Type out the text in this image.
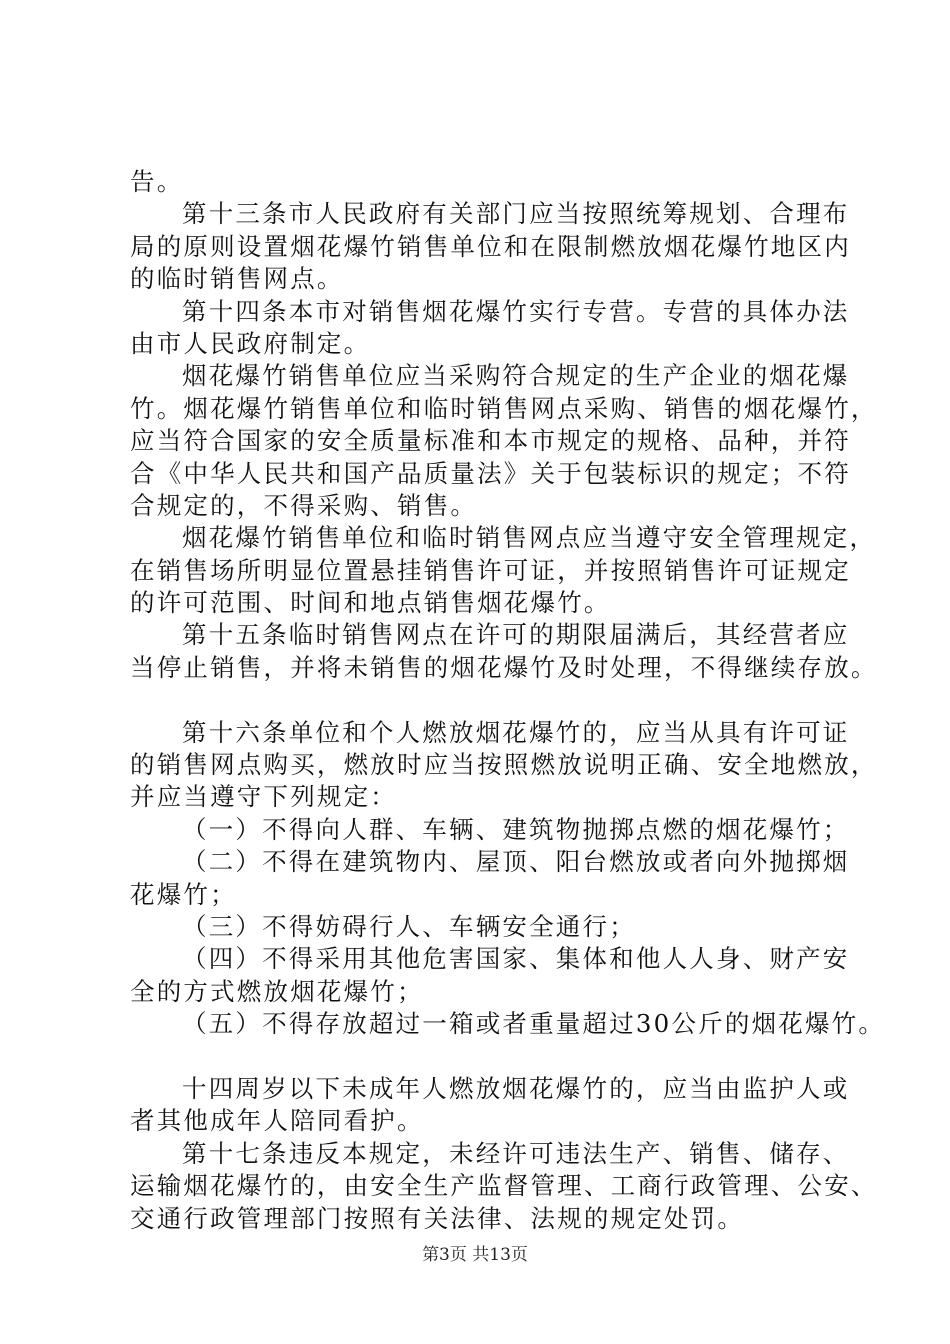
告。
第十三条市人民政府有关部门应当按照统筹规划、合理布
局的原则设置烟花爆竹销售单位和在限制燃放烟花爆竹地区内
的临时销售网点。
第十四条本市对销售烟花爆竹实行专营。专营的具体办法
由市人民政府制定。
烟花爆竹销售单位应当采购符合规定的生产企业的烟花爆
竹。烟花爆竹销售单位和临时销售网点采购、销售的烟花爆竹，
应当符合国家的安全质量标准和本市规定的规格、品种，并符
合《中华人民共和国产品质量法》关于包装标识的规定；不符
合规定的，不得采购、销售。
烟花爆竹销售单位和临时销售网点应当遵守安全管理规定，
在销售场所明显位置悬挂销售许可证，并按照销售许可证规定
的许可范围、时间和地点销售烟花爆竹。
第十五条临时销售网点在许可的期限届满后，其经营者应
当停止销售，并将未销售的烟花爆竹及时处理，不得继续存放。
第十六条单位和个人燃放烟花爆竹的，应当从具有许可证
的销售网点购买，燃放时应当按照燃放说明正确、安全地燃放，
并应当遵守下列规定：
（一）不得向人群、车辆、建筑物抛掷点燃的烟花爆竹；
（二）不得在建筑物内、屋顶、阳台燃放或者向外抛掷烟
花爆竹；
（三）不得妨碍行人、车辆安全通行；
（四）不得采用其他危害国家、集体和他人人身、财产安
全的方式燃放烟花爆竹；
（五）不得存放超过一箱或者重量超过30公斤的烟花爆竹。
十四周岁以下未成年人燃放烟花爆竹的，应当由监护人或
者其他成年人陪同看护。
第十七条违反本规定，未经许可违法生产、销售、储存、
运输烟花爆竹的，由安全生产监督管理、工商行政管理、公安、
交通行政管理部门按照有关法律、法规的规定处罚。
第3页 共13页
